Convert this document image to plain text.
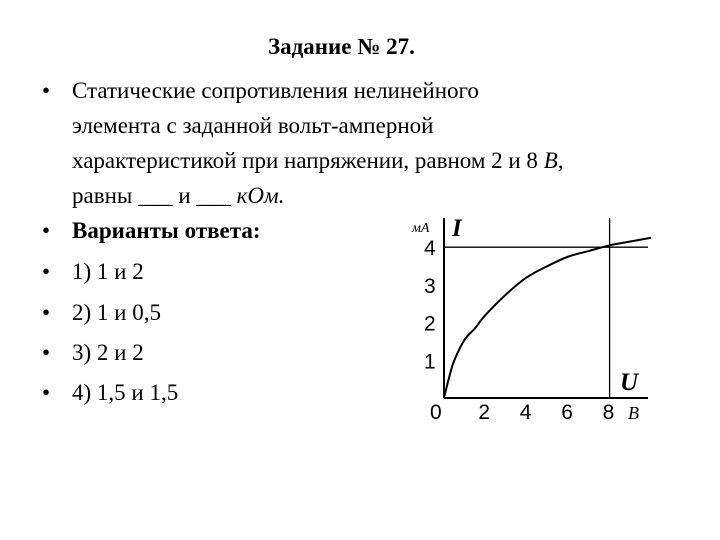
Задание № 27.
• Статические сопротивления нелинейного
элемента с заданной вольт-амперной
характеристикой при напряжении, равном 2 и 8 В,
равны ___ и ___ кОм.
• Варианты ответа:
• 1) 1 и 2
• 2) 1 и 0,5
• 3) 2 и 2
• 4) 1,5 и 1,5
0 2 4 6 8
1
2
3
4
мА I
U
В
